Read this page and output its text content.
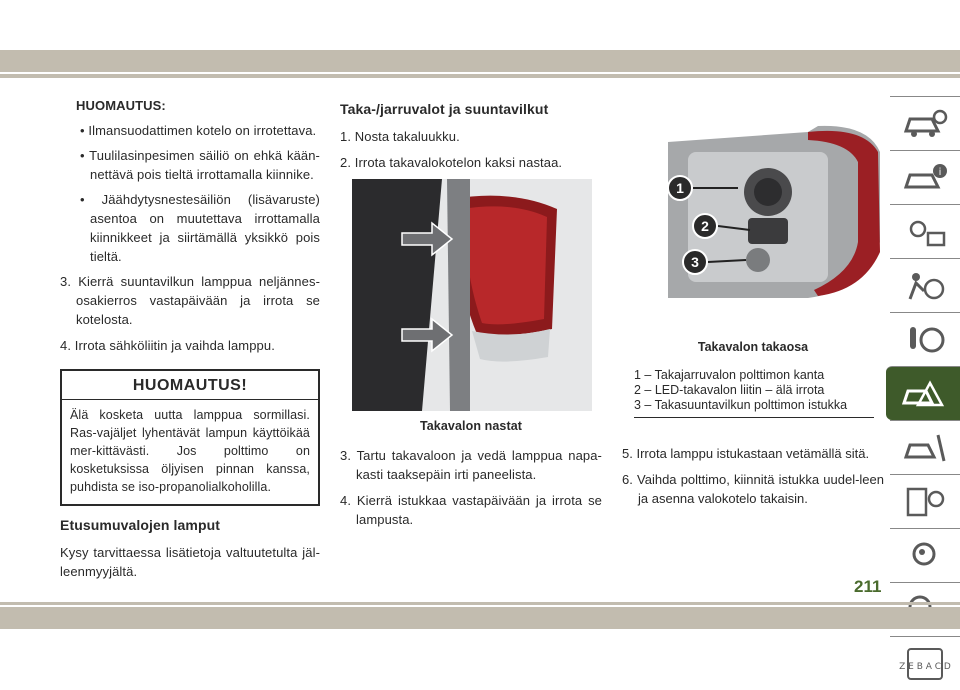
HUOMAUTUS:
• Ilmansuodattimen kotelo on irrotettava.
• Tuulilasinpesimen säiliö on ehkä kään-nettävä pois tieltä irrottamalla kiinnike.
• Jäähdytysnestesäiliön (lisävaruste) asentoa on muutettava irrottamalla kiinnikkeet ja siirtämällä yksikkö pois tieltä.
3. Kierrä suuntavilkun lamppua neljännes-osakierros vastapäivään ja irrota se kotelosta.
4. Irrota sähköliitin ja vaihda lamppu.
HUOMAUTUS!
Älä kosketa uutta lamppua sormillasi. Ras-vajäljet lyhentävät lampun käyttöikää mer-kittävästi. Jos polttimo on kosketuksissa öljyisen pinnan kanssa, puhdista se iso-propanolialkoholilla.
Etusumuvalojen lamput
Kysy tarvittaessa lisätietoja valtuutetulta jäl-leenmyyjältä.
Taka-/jarruvalot ja suuntavilkut
1. Nosta takaluukku.
2. Irrota takavalokotelon kaksi nastaa.
Takavalon nastat
3. Tartu takavaloon ja vedä lamppua napa-kasti taaksepäin irti paneelista.
4. Kierrä istukkaa vastapäivään ja irrota se lampusta.
1
2
3
Takavalon takaosa
1 – Takajarruvalon polttimon kanta
2 – LED-takavalon liitin – älä irrota
3 – Takasuuntavilkun polttimon istukka
5. Irrota lamppu istukastaan vetämällä sitä.
6. Vaihda polttimo, kiinnitä istukka uudel-leen ja asenna valokotelo takaisin.
i
Z E B A C D
211
